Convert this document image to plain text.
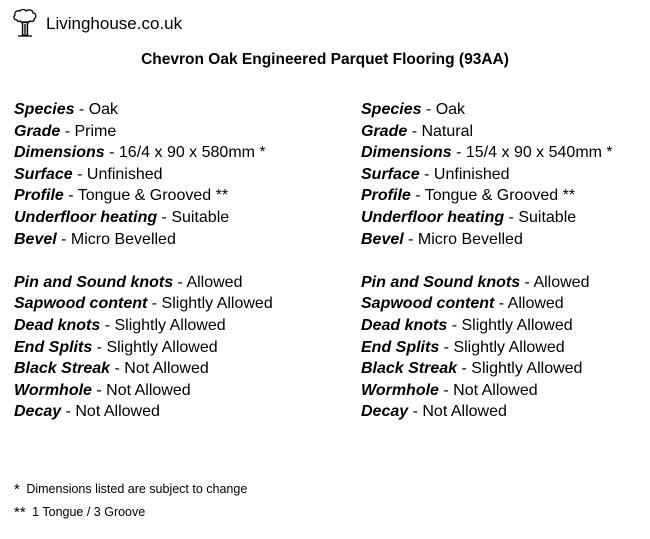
Livinghouse.co.uk
Chevron Oak Engineered Parquet Flooring (93AA)
Species - Oak
Grade - Prime
Dimensions - 16/4 x 90 x 580mm *
Surface - Unfinished
Profile - Tongue & Grooved **
Underfloor heating - Suitable
Bevel - Micro Bevelled
Pin and Sound knots - Allowed
Sapwood content - Slightly Allowed
Dead knots - Slightly Allowed
End Splits - Slightly Allowed
Black Streak - Not Allowed
Wormhole - Not Allowed
Decay - Not Allowed
Species - Oak
Grade - Natural
Dimensions - 15/4 x 90 x 540mm *
Surface - Unfinished
Profile - Tongue & Grooved **
Underfloor heating - Suitable
Bevel - Micro Bevelled
Pin and Sound knots - Allowed
Sapwood content - Allowed
Dead knots - Slightly Allowed
End Splits - Slightly Allowed
Black Streak - Slightly Allowed
Wormhole - Not Allowed
Decay - Not Allowed
* Dimensions listed are subject to change
** 1 Tongue / 3 Groove
